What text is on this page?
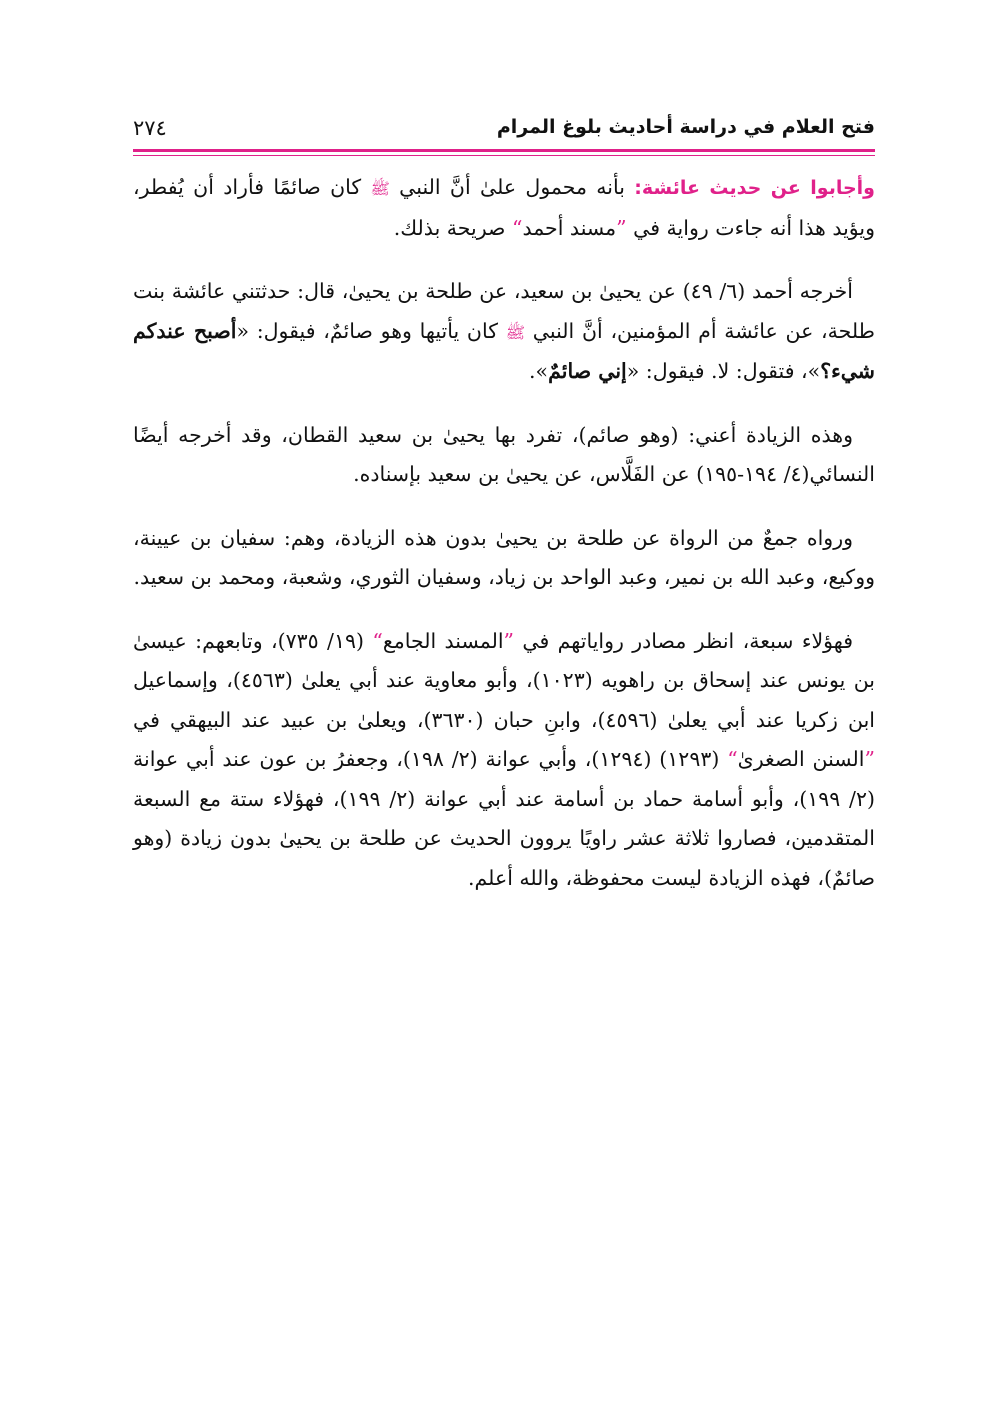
فتح العلام في دراسة أحاديث بلوغ المرام
٢٧٤

وأجابوا عن حديث عائشة: بأنه محمول علىٰ أنَّ النبي ﷺ كان صائمًا فأراد أن يُفطر، ويؤيد هذا أنه جاءت رواية في ”مسند أحمد“ صريحة بذلك.

أخرجه أحمد (٦/ ٤٩) عن يحيىٰ بن سعيد، عن طلحة بن يحيىٰ، قال: حدثتني عائشة بنت طلحة، عن عائشة أم المؤمنين، أنَّ النبي ﷺ كان يأتيها وهو صائمٌ، فيقول: «أصبح عندكم شيء؟»، فتقول: لا. فيقول: «إني صائمٌ».

وهذه الزيادة أعني: (وهو صائم)، تفرد بها يحيىٰ بن سعيد القطان، وقد أخرجه أيضًا النسائي(٤/ ١٩٤-١٩٥) عن الفَلَّاس، عن يحيىٰ بن سعيد بإسناده.

ورواه جمعٌ من الرواة عن طلحة بن يحيىٰ بدون هذه الزيادة، وهم: سفيان بن عيينة، ووكيع، وعبد الله بن نمير، وعبد الواحد بن زياد، وسفيان الثوري، وشعبة، ومحمد بن سعيد.

فهؤلاء سبعة، انظر مصادر رواياتهم في ”المسند الجامع“ (١٩/ ٧٣٥)، وتابعهم: عيسىٰ بن يونس عند إسحاق بن راهويه (١٠٢٣)، وأبو معاوية عند أبي يعلىٰ (٤٥٦٣)، وإسماعيل ابن زكريا عند أبي يعلىٰ (٤٥٩٦)، وابنِ حبان (٣٦٣٠)، ويعلىٰ بن عبيد عند البيهقي في ”السنن الصغرىٰ“ (١٢٩٣) (١٢٩٤)، وأبي عوانة (٢/ ١٩٨)، وجعفرُ بن عون عند أبي عوانة (٢/ ١٩٩)، وأبو أسامة حماد بن أسامة عند أبي عوانة (٢/ ١٩٩)، فهؤلاء ستة مع السبعة المتقدمين، فصاروا ثلاثة عشر راويًا يروون الحديث عن طلحة بن يحيىٰ بدون زيادة (وهو صائمٌ)، فهذه الزيادة ليست محفوظة، والله أعلم.
